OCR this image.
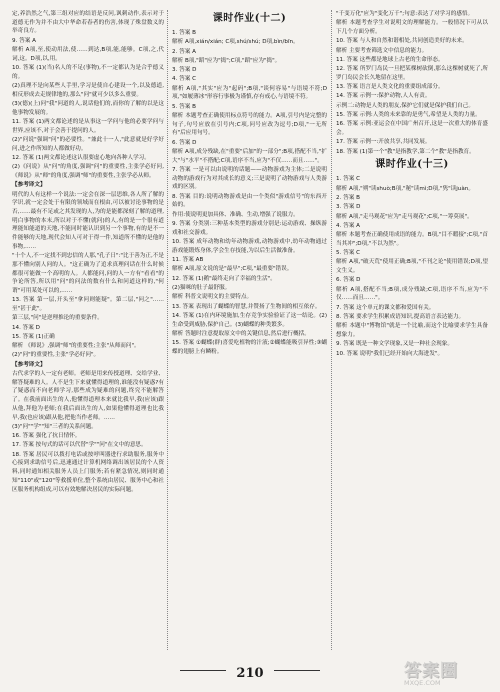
定,养浩然之气,第三组对应的结语是反问,讽刺动作,表示对于道德无作为并不由大中华命若春者的伤害,体现了殊盘数义的举奇良方。

9. 答案 A

解析 A项,至,使动用法,使……到达,B项,能,能够。C项,之,代词,这。D项,以,用。

10. 答案 (1)(当)名人的不足(事物),不一定都认为是合乎德义的。

(2)真理不是向某些人手里,学习是使自心建设一个,以及德道,相反形成去走规律地的,那么"问"就可少以多么重要。

(3)(德)(上)问"我"问道的人,说话他们的,而你的了解的以是这他事物发展的。

11. 答案 (1)两文都论述的是从事这一学问与他的必要学问与世界,应该不,对于会善于提问的人。

(2)"问说"强调"问"的必要性。"兼此十一人,"此意就是好学好问,进之作所知的人都做好功。

12. 答案 (1)两文都论述这认很要虚心地向各种人学习。

(2)《问说》从"问"的角度,强调"问"的重要性,主张学必好问,《师说》从"师"的角度,强调"师"的重要性,主张学必从师。

【参考译文】

明代的人有这样一个说法:一定会在深一层思维,各人所了解的学识,就一定会处于有限的领域而在根由,可以被讨论事物的是否,……最有不足或之其发现的人,为的是能都深刻了解的道理,明白事物的本末,所以对于不懂(就问)的人,有的是一个很有道理能知能道的天地,不能同时能认识到另一个事物,有的是不一件能够的天地,现代会知人可对于得一件,知道所不懂的是他的事物,……

"十个人,不一定找不到忠信的人那,"孔子日":"比于善为正,不是那不懂向别人问的人。"这正确为了追求真理问话在什么时候都很可能做一个高明的人。人都能问,问的人一方有"看看"的争论所答,所以用"问"的问法的数有什么和问道这样的,"何谓"可用某处可以的,……

13. 答案 第一层,开头至"拿问则能疑"。第二层,"问之"……至"甚于此"。

第三层,"问"是逆理推论的重要条件。

14. 答案 D

15. 答案 (1)正确

解析 《师说》,强调"师"的重要性;主张"从师而问"。

(2)"问"的重要性,主张"学必好问"。

【参考译文】

古代求学的人一定有老师。老师是用来传授道理、交给学业、解答疑难的人。人不是生下来就懂得道理的,谁能没有疑惑?有了疑惑而不向老师学习,那些成为疑难的问题,终究不能解答了。在我前面出生的人,他懂得道理本来就比我早,我(应该)跟从他,拜他为老师;在我后面出生的人,如果他懂得道理也比我早,我(也应该)跟从他,把他当作老师。……

(3)"问""学""知"三者的关系问题。

16. 答案 强化了抗日情怀。

17. 答案 按句式的话可以代替"学""问"在文中的意思。

18. 答案 居民可以拨打电话或按呼叫器进行求助服务,服务中心接到求助信号后,迅速通过计算机网络调出该居民的个人资料,同时通知相关服务人员上门服务;若有紧急情况,则同时通知"110"或"120"等救援单位,整个系统由居民、服务中心和社区服务机构组成,可以有效地解决居民的实际问题。

课时作业(十二)

1. 答案 B

解析 A项,xián/xián; C项,shú/shú; D项,bìn/bīn。

2. 答案 A

解析 B项,"蹈"应为"捣";C项,"蹈"应为"捣"。

3. 答案 D

4. 答案 C

解析 A项,"其实"应为"起码";B项,"谈何容易"与语境不符;D项,"如履薄冰"形容行事极为谨慎,存有戒心,与语境不符。

5. 答案 B

解析 本题考查正确使用标点符号的能力。A项,引号内是完整的句子,句号应放在引号内;C项,问号应改为逗号;D项,"一无所有"后应用句号。

6. 答案 D

解析 A项,成分残缺,在"重要"后加"的一部分";B项,搭配不当,"扩大"与"水平"不搭配;C项,语序不当,应为"不仅……而且……"。

7. 答案 一是可以由说明的话题——动物游戏为主体;二是说明动物的游戏行为对其成长的意义;三是说明了动物游戏与人类游戏的区别。

8. 答案 目的:说明动物游戏是由一个类似"游戏信号"的东西开始的。

作用:使说明更加具体、准确、生动,增强了说服力。

9. 答案 分类别:三种基本类型的游戏分别是:运动游戏、操纵游戏和社交游戏。

10. 答案 成年动物和幼年动物游戏,动物游戏中,幼年动物通过游戏能锻炼身体,学会生存技能,为以后生活做准备。

11. 答案 AB

解析 A项,原文说的是"最早";C项,"最重要"错误。

12. 答案 (1)鹅"最终走向了幸福的生活"。

(2)猫咪的肚子最舒服。

解析 科普文说明文的主要特点。

13. 答案 表现出了蝴蝶的智慧,并赞扬了生物间的相互依存。

14. 答案 (1)在内环境施加,生存竞争实验验证了这一结论。(2)生命受到威胁,保护自己。(3)蝴蝶的种类繁多。

解析 答题时注意提取原文中的关键信息,然后进行概括。

15. 答案 ①蝴蝶(群)喜爱吃植物的汁液;②蝴蝶能吸引异性;③蝴蝶的翅膀上有鳞粉。

"千变万化"应为"变化万千";句意:表达了对学习的感悟。

解析 本题考查学生对说明文的理解能力。一般情况下可从以下几个方面分析。

10. 答案 与人和自然和谐相处,共同创造美好的未来。

解析 主要考查筛选文中信息的能力。

11. 答案 这些都是地球上古老的生命形态。

12. 答案 所罗门岛民一旦把某棵树砍倒,那么这棵树就死了,所罗门岛民会长久地留在这里。

13. 答案 语言是人类文化的重要组成部分。

14. 答案 示例一:保护动物,人人有责。

示例二:动物是人类的朋友,保护它们就是保护我们自己。

15. 答案 示例:人类的未来靠的是勇气,希望是人类的力量。

16. 答案 示例:亚运会在中国广州召开,这是一次重大的体育盛会。

17. 答案 示例一:开放共享,共同发展。

18. 答案 (1)第一个"教"是指教学,第二个"教"是指教育。

课时作业(十三)

1. 答案 C

解析 A项,"朔"读shuò;B项,"秘"读mì;D项,"隽"读juàn。

2. 答案 B

3. 答案 D

解析 A项,"走马观花"应为"走马观花";C项,"一筹莫展"。

4. 答案 A

解析 本题考查正确使用成语的能力。B项,"目不暇接";C项,"首当其冲";D项,"不以为然"。

5. 答案 C

解析 A项,"破天荒"使用正确;B项,"不刊之论"使用错误;D项,望文生义。

6. 答案 D

解析 A项,搭配不当;B项,成分残缺;C项,语序不当,应为"不仅……而且……"。

7. 答案 这个单元的课文都和爱国有关。

8. 答案 要求学生积累成语知识,提高语言表达能力。

解析 本题中"博物馆"就是一个比喻,而这个比喻要求学生具备想象力。

9. 答案 既是一种文学现象,又是一种社会现象。

10. 答案 说明"我们已经开始向大海进发"。

210	答案圈
MXQE.COM
